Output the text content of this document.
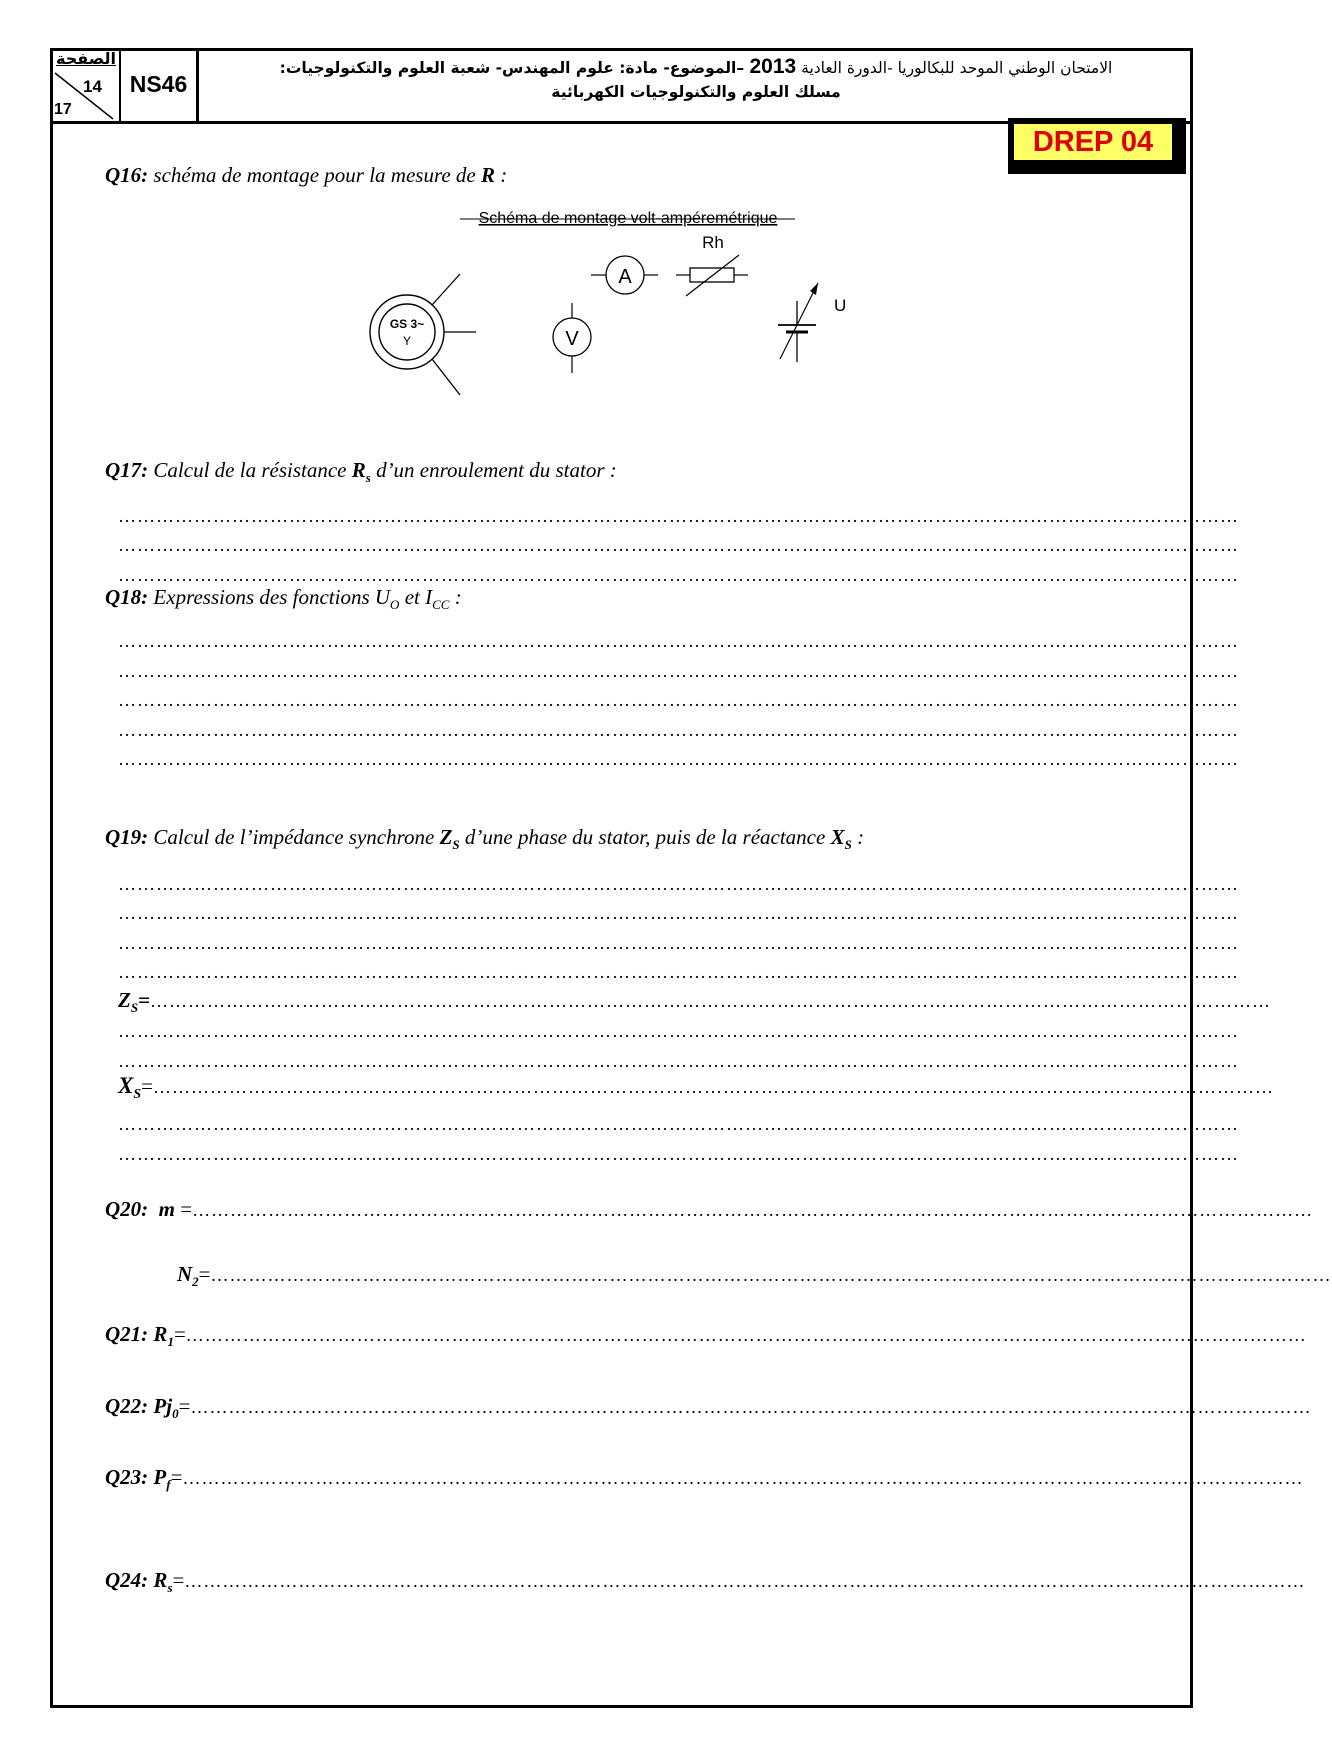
الصفحة
14
17
NS46
الامتحان الوطني الموحد للبكالوريا -الدورة العادية 2013 –الموضوع- مادة: علوم المهندس- شعبة العلوم والتكنولوجيات:
مسلك العلوم والتكنولوجيات الكهربائية
DREP 04
Q16: schéma de montage pour la mesure de R :
Schéma de montage volt-ampéremétrique
GS 3~
Y	V
A
Rh
U
Q17: Calcul de la résistance $R_s$ d’un enroulement du stator :
……………………………………………………………………………………………………………………………………………………………
……………………………………………………………………………………………………………………………………………………………
……………………………………………………………………………………………………………………………………………………………
Q18: Expressions des fonctions $U_O$ et $I_{CC}$ :
……………………………………………………………………………………………………………………………………………………………
……………………………………………………………………………………………………………………………………………………………
……………………………………………………………………………………………………………………………………………………………
……………………………………………………………………………………………………………………………………………………………
……………………………………………………………………………………………………………………………………………………………
Q19: Calcul de l’impédance synchrone $Z_S$ d’une phase du stator, puis de la réactance $X_S$ :
……………………………………………………………………………………………………………………………………………………………
……………………………………………………………………………………………………………………………………………………………
……………………………………………………………………………………………………………………………………………………………
……………………………………………………………………………………………………………………………………………………………
$Z_S=\dots\dots\dots\dots\dots\dots\dots\dots\dots\dots\dots\dots\dots\dots\dots\dots\dots\dots\dots\dots\dots\dots\dots\dots\dots\dots\dots\dots\dots\dots\dots\dots\dots\dots\dots\dots\dots\dots\dots\dots\dots\dots\dots\dots\dots\dots\dots\dots\dots\dots\dots\dots\dots\dots\dots\dots\dots\dots\dots$
……………………………………………………………………………………………………………………………………………………………
……………………………………………………………………………………………………………………………………………………………
$X_S=\dots\dots\dots\dots\dots\dots\dots\dots\dots\dots\dots\dots\dots\dots\dots\dots\dots\dots\dots\dots\dots\dots\dots\dots\dots\dots\dots\dots\dots\dots\dots\dots\dots\dots\dots\dots\dots\dots\dots\dots\dots\dots\dots\dots\dots\dots\dots\dots\dots\dots\dots\dots\dots\dots\dots\dots\dots\dots\dots$
……………………………………………………………………………………………………………………………………………………………
……………………………………………………………………………………………………………………………………………………………
Q20: m =……………………………………………………………………………………………………………………………………………………………
$N_2=\dots\dots\dots\dots\dots\dots\dots\dots\dots\dots\dots\dots\dots\dots\dots\dots\dots\dots\dots\dots\dots\dots\dots\dots\dots\dots\dots\dots\dots\dots\dots\dots\dots\dots\dots\dots\dots\dots\dots\dots\dots\dots\dots\dots\dots\dots\dots\dots\dots\dots\dots\dots\dots\dots\dots\dots\dots\dots\dots$
Q21: $R_1=\dots\dots\dots\dots\dots\dots\dots\dots\dots\dots\dots\dots\dots\dots\dots\dots\dots\dots\dots\dots\dots\dots\dots\dots\dots\dots\dots\dots\dots\dots\dots\dots\dots\dots\dots\dots\dots\dots\dots\dots\dots\dots\dots\dots\dots\dots\dots\dots\dots\dots\dots\dots\dots\dots\dots\dots\dots\dots\dots$
Q22: $Pj_0=\dots\dots\dots\dots\dots\dots\dots\dots\dots\dots\dots\dots\dots\dots\dots\dots\dots\dots\dots\dots\dots\dots\dots\dots\dots\dots\dots\dots\dots\dots\dots\dots\dots\dots\dots\dots\dots\dots\dots\dots\dots\dots\dots\dots\dots\dots\dots\dots\dots\dots\dots\dots\dots\dots\dots\dots\dots\dots\dots$
Q23: $P_f=\dots\dots\dots\dots\dots\dots\dots\dots\dots\dots\dots\dots\dots\dots\dots\dots\dots\dots\dots\dots\dots\dots\dots\dots\dots\dots\dots\dots\dots\dots\dots\dots\dots\dots\dots\dots\dots\dots\dots\dots\dots\dots\dots\dots\dots\dots\dots\dots\dots\dots\dots\dots\dots\dots\dots\dots\dots\dots\dots$
Q24: $R_s=\dots\dots\dots\dots\dots\dots\dots\dots\dots\dots\dots\dots\dots\dots\dots\dots\dots\dots\dots\dots\dots\dots\dots\dots\dots\dots\dots\dots\dots\dots\dots\dots\dots\dots\dots\dots\dots\dots\dots\dots\dots\dots\dots\dots\dots\dots\dots\dots\dots\dots\dots\dots\dots\dots\dots\dots\dots\dots\dots$
